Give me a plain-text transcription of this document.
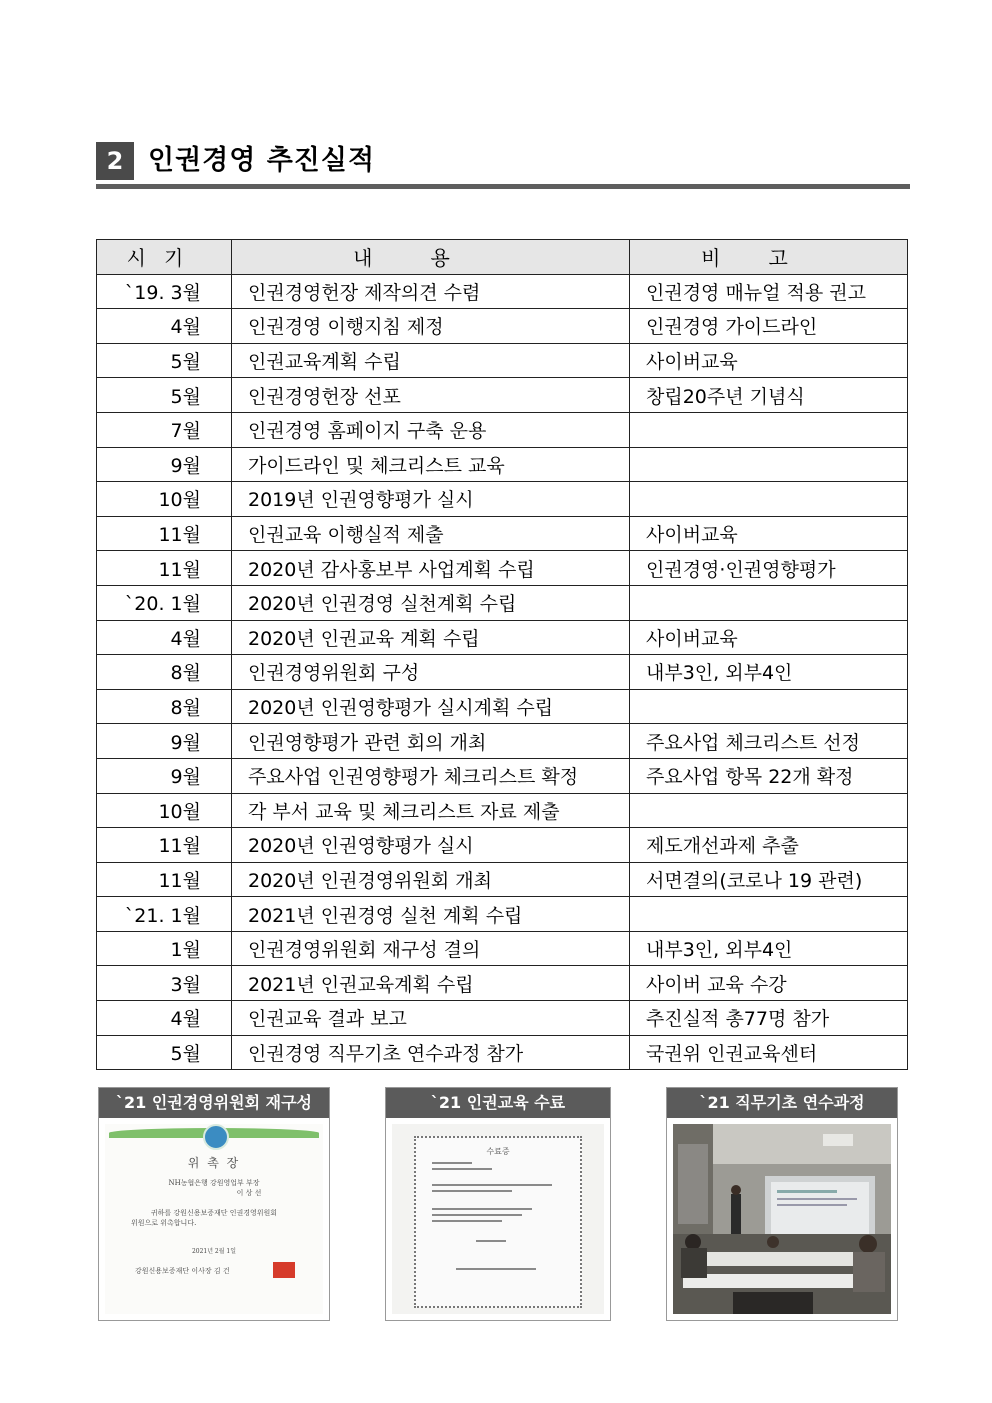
2 인권경영 추진실적
시기	내용	비고
`19. 3월	인권경영헌장 제작의견 수렴	인권경영 매뉴얼 적용 권고
4월	인권경영 이행지침 제정	인권경영 가이드라인
5월	인권교육계획 수립	사이버교육
5월	인권경영헌장 선포	창립20주년 기념식
7월	인권경영 홈페이지 구축 운용	
9월	가이드라인 및 체크리스트 교육	
10월	2019년 인권영향평가 실시	
11월	인권교육 이행실적 제출	사이버교육
11월	2020년 감사홍보부 사업계획 수립	인권경영·인권영향평가
`20. 1월	2020년 인권경영 실천계획 수립	
4월	2020년 인권교육 계획 수립	사이버교육
8월	인권경영위원회 구성	내부3인, 외부4인
8월	2020년 인권영향평가 실시계획 수립	
9월	인권영향평가 관련 회의 개최	주요사업 체크리스트 선정
9월	주요사업 인권영향평가 체크리스트 확정	주요사업 항목 22개 확정
10월	각 부서 교육 및 체크리스트 자료 제출	
11월	2020년 인권영향평가 실시	제도개선과제 추출
11월	2020년 인권경영위원회 개최	서면결의(코로나 19 관련)
`21. 1월	2021년 인권경영 실천 계획 수립	
1월	인권경영위원회 재구성 결의	내부3인, 외부4인
3월	2021년 인권교육계획 수립	사이버 교육 수강
4월	인권교육 결과 보고	추진실적 총77명 참가
5월	인권경영 직무기초 연수과정 참가	국권위 인권교육센터
`21 인권경영위원회 재구성
위 촉 장
NH농협은행 강원영업부 부장
이 상 선
귀하를 강원신용보증재단 인권경영위원회
위원으로 위촉합니다.
2021년 2월 1일
강원신용보증재단 이사장 김 건
`21 인권교육 수료
수료증
`21 직무기초 연수과정
